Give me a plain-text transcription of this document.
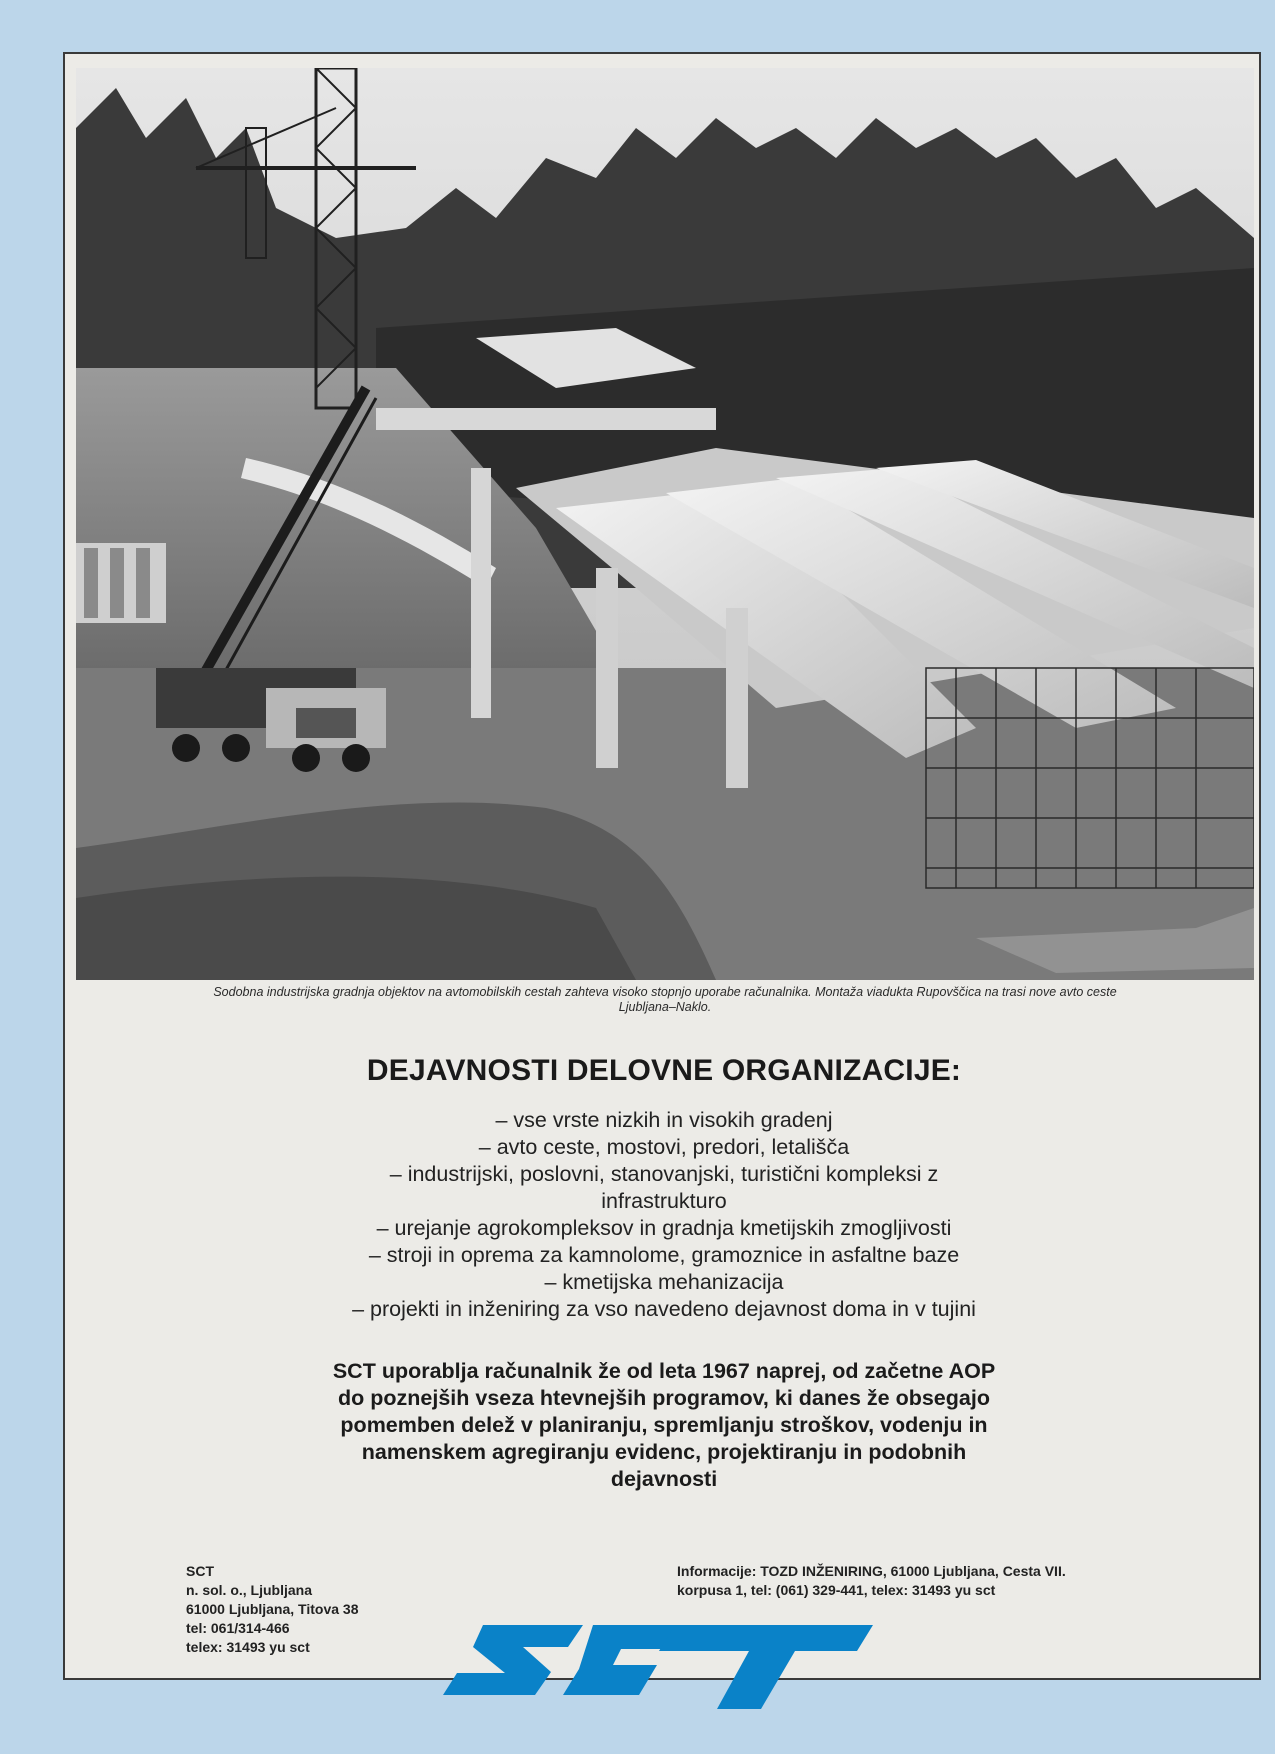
Sodobna industrijska gradnja objektov na avtomobilskih cestah zahteva visoko stopnjo uporabe računalnika. Montaža viadukta Rupovščica na trasi nove avto ceste
Ljubljana–Naklo.
DEJAVNOSTI DELOVNE ORGANIZACIJE:
– vse vrste nizkih in visokih gradenj
– avto ceste, mostovi, predori, letališča
– industrijski, poslovni, stanovanjski, turistični kompleksi z
infrastrukturo
– urejanje agrokompleksov in gradnja kmetijskih zmogljivosti
– stroji in oprema za kamnolome, gramoznice in asfaltne baze
– kmetijska mehanizacija
– projekti in inženiring za vso navedeno dejavnost doma in v tujini
SCT uporablja računalnik že od leta 1967 naprej, od začetne AOP
do poznejših vseza htevnejših programov, ki danes že obsegajo
pomemben delež v planiranju, spremljanju stroškov, vodenju in
namenskem agregiranju evidenc, projektiranju in podobnih
dejavnosti
SCT
n. sol. o., Ljubljana
61000 Ljubljana, Titova 38
tel: 061/314-466
telex: 31493 yu sct
Informacije: TOZD INŽENIRING, 61000 Ljubljana, Cesta VII.
korpusa 1, tel: (061) 329-441, telex: 31493 yu sct
